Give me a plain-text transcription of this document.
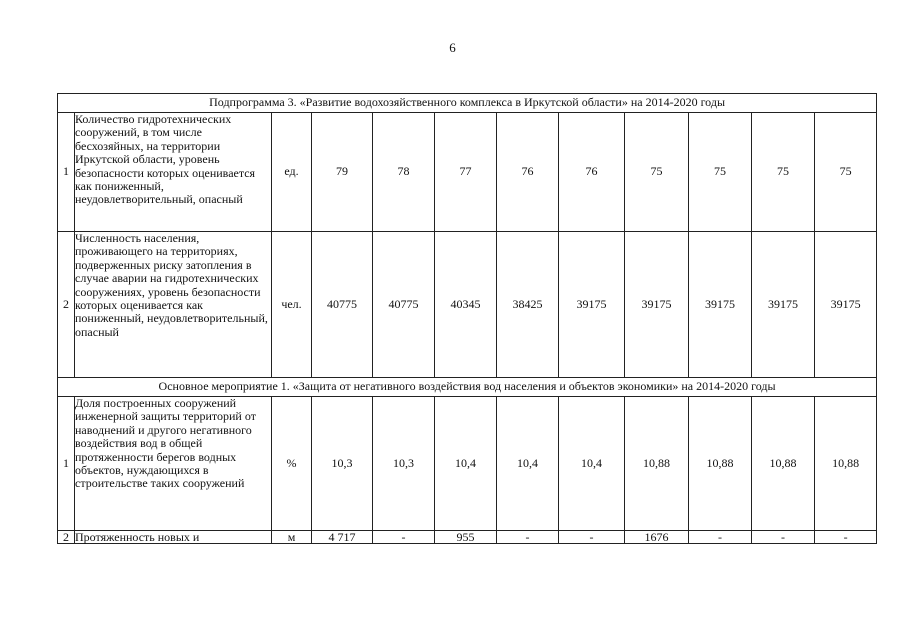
6
Подпрограмма 3. «Развитие водохозяйственного комплекса в Иркутской области» на 2014-2020 годы											
1	Количество гидротехнических сооружений, в том числе бесхозяйных, на территории Иркутской области, уровень безопасности которых оценивается как пониженный, неудовлетворительный, опасный	ед.	79	78	77	76	76	75	75	75	75
2	Численность населения, проживающего на территориях, подверженных риску затопления в случае аварии на гидротехнических сооружениях, уровень безопасности которых оценивается как пониженный, неудовлетворительный, опасный	чел.	40775	40775	40345	38425	39175	39175	39175	39175	39175
Основное мероприятие 1. «Защита от негативного воздействия вод населения и объектов экономики» на 2014-2020 годы											
1	Доля построенных сооружений инженерной защиты территорий от наводнений и другого негативного воздействия вод в общей протяженности берегов водных объектов, нуждающихся в строительстве таких сооружений	%	10,3	10,3	10,4	10,4	10,4	10,88	10,88	10,88	10,88
2	Протяженность новых и	м	4 717	-	955	-	-	1676	-	-	-
